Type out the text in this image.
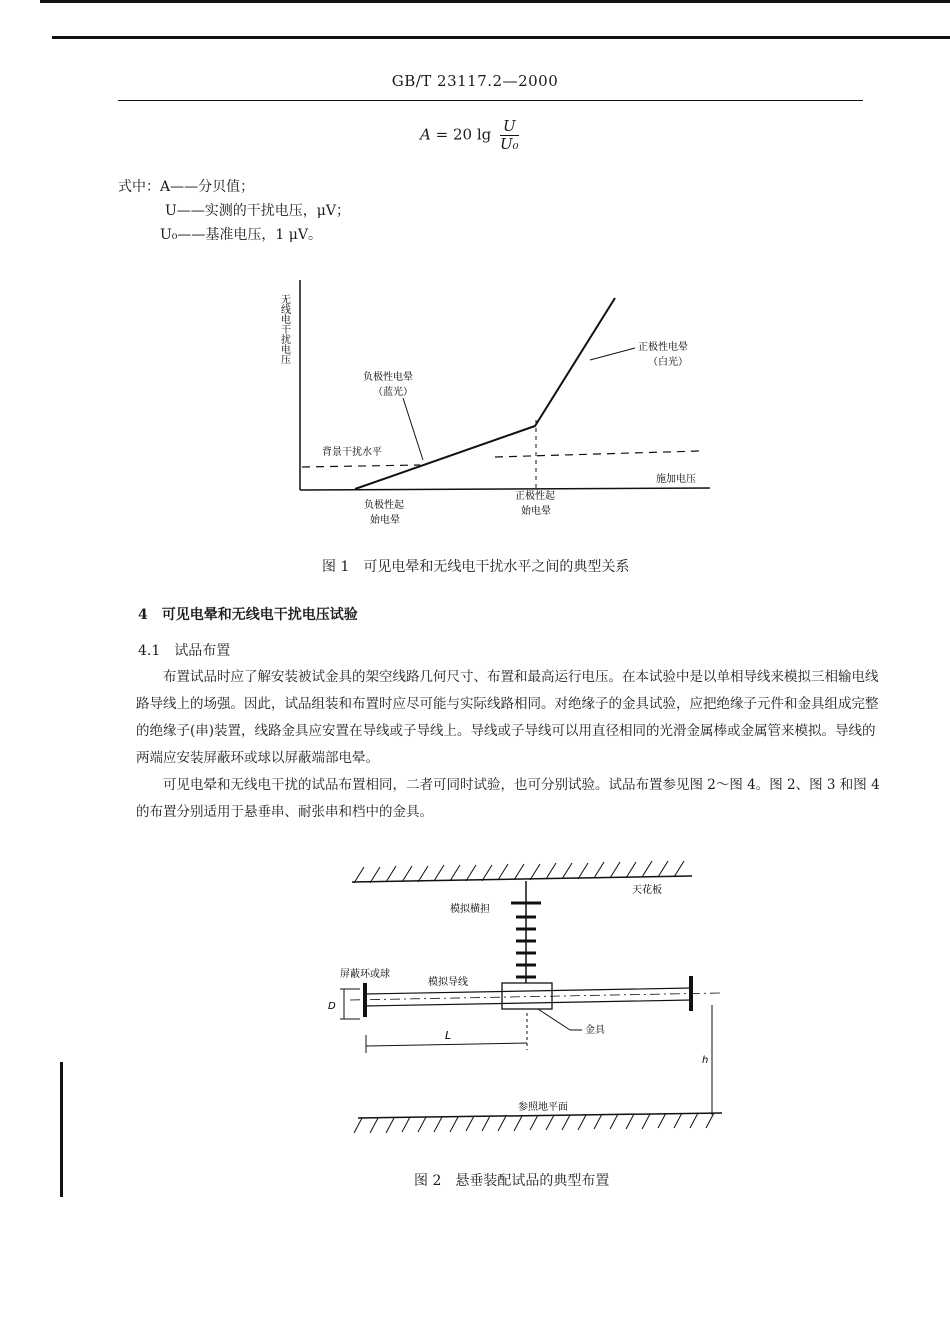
GB/T 23117.2—2000
A = 20 $\lg \frac{U}{\text{U₀}}$
式中：A——分贝值；
U——实测的干扰电压，μV；
U₀——基准电压，1 μV。
无线电干扰电压
背景干扰水平
负极性电晕
（蓝光）
正极性电晕
（白光）
施加电压
负极性起
始电晕
正极性起
始电晕
图 1　可见电晕和无线电干扰水平之间的典型关系
4　可见电晕和无线电干扰电压试验
4.1　试品布置

布置试品时应了解安装被试金具的架空线路几何尺寸、布置和最高运行电压。在本试验中是以单相导线来模拟三相输电线路导线上的场强。因此，试品组装和布置时应尽可能与实际线路相同。对绝缘子的金具试验，应把绝缘子元件和金具组成完整的绝缘子(串)装置，线路金具应安置在导线或子导线上。导线或子导线可以用直径相同的光滑金属棒或金属管来模拟。导线的两端应安装屏蔽环或球以屏蔽端部电晕。

可见电晕和无线电干扰的试品布置相同，二者可同时试验，也可分别试验。试品布置参见图 2～图 4。图 2、图 3 和图 4 的布置分别适用于悬垂串、耐张串和档中的金具。

天花板
模拟横担
金具
屏蔽环或球
模拟导线
D
L
h
参照地平面
图 2　悬垂装配试品的典型布置
